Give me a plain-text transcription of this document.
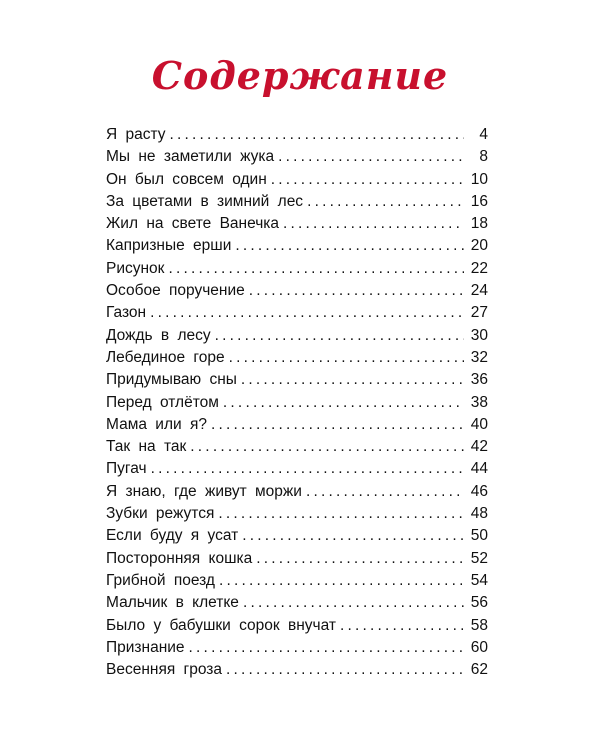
Содержание
Я расту .....	4
Мы не заметили жука .....	8
Он был совсем один .....	10
За цветами в зимний лес .....	16
Жил на свете Ванечка .....	18
Капризные ерши .....	20
Рисунок .....	22
Особое поручение .....	24
Газон .....	27
Дождь в лесу .....	30
Лебединое горе .....	32
Придумываю сны .....	36
Перед отлётом .....	38
Мама или я? .....	40
Так на так .....	42
Пугач .....	44
Я знаю, где живут моржи .....	46
Зубки режутся .....	48
Если буду я усат .....	50
Посторонняя кошка .....	52
Грибной поезд .....	54
Мальчик в клетке .....	56
Было у бабушки сорок внучат .....	58
Признание .....	60
Весенняя гроза .....	62
